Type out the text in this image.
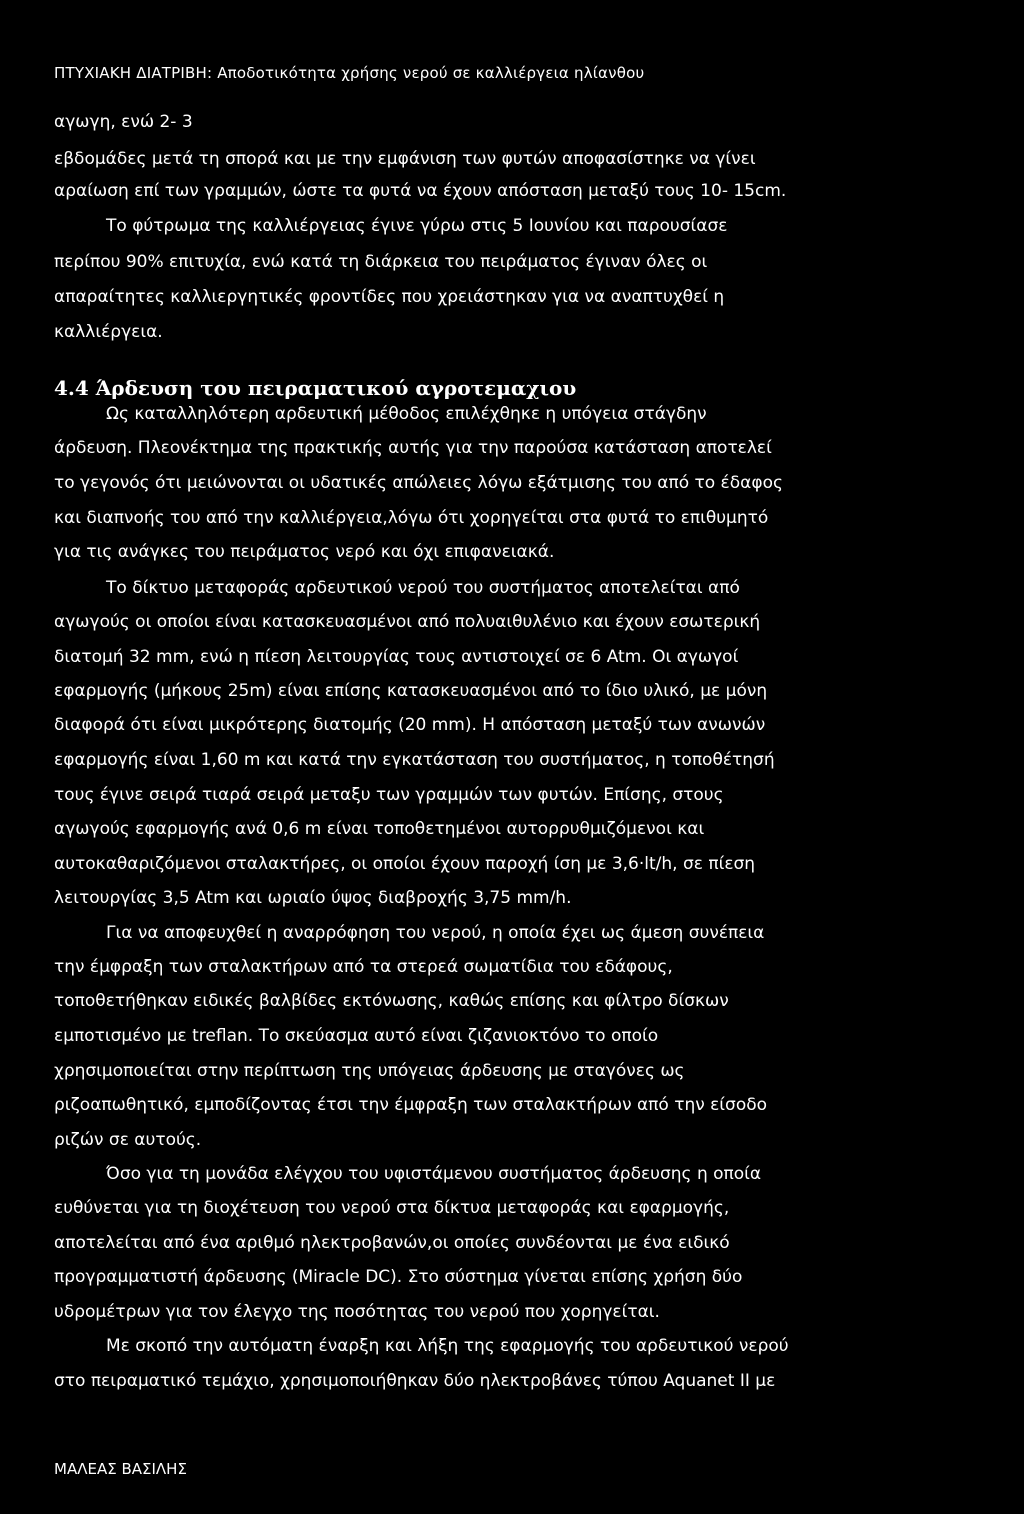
ΠΤΥΧΙΑΚΗ ΔΙΑΤΡΙΒΗ: Αποδοτικότητα χρήσης νερού σε καλλιέργεια ηλίανθου
αγωγη, ενώ 2- 3
εβδομάδες μετά τη σπορά και με την εμφάνιση των φυτών αποφασίστηκε να γίνει
αραίωση επί των γραμμών, ώστε τα φυτά να έχουν απόσταση μεταξύ τους 10- 15cm.
Το φύτρωμα της καλλιέργειας έγινε γύρω στις 5 Ιουνίου και παρουσίασε
περίπου 90% επιτυχία, ενώ κατά τη διάρκεια του πειράματος έγιναν όλες οι
απαραίτητες καλλιεργητικές φροντίδες που χρειάστηκαν για να αναπτυχθεί η
καλλιέργεια.
4.4 Άρδευση του πειραματικού αγροτεμαχιου
Ως καταλληλότερη αρδευτική μέθοδος επιλέχθηκε η υπόγεια στάγδην
άρδευση. Πλεονέκτημα της πρακτικής αυτής για την παρούσα κατάσταση αποτελεί
το γεγονός ότι μειώνονται οι υδατικές απώλειες λόγω εξάτμισης του από το έδαφος
και διαπνοής του από την καλλιέργεια,λόγω ότι χορηγείται στα φυτά το επιθυμητό
για τις ανάγκες του πειράματος νερό και όχι επιφανειακά.
Το δίκτυο μεταφοράς αρδευτικού νερού του συστήματος αποτελείται από
αγωγούς οι οποίοι είναι κατασκευασμένοι από πολυαιθυλένιο και έχουν εσωτερική
διατομή 32 mm, ενώ η πίεση λειτουργίας τους αντιστοιχεί σε 6 Atm. Οι αγωγοί
εφαρμογής (μήκους 25m) είναι επίσης κατασκευασμένοι από το ίδιο υλικό, με μόνη
διαφορά ότι είναι μικρότερης διατομής (20 mm). Η απόσταση μεταξύ των ανωνών
εφαρμογής είναι 1,60 m και κατά την εγκατάσταση του συστήματος, η τοποθέτησή
τους έγινε σειρά τιαρά σειρά μεταξυ των γραμμών των φυτών. Επίσης, στους
αγωγούς εφαρμογής ανά 0,6 m είναι τοποθετημένοι αυτορρυθμιζόμενοι και
αυτοκαθαριζόμενοι σταλακτήρες, οι οποίοι έχουν παροχή ίση με 3,6·lt/h, σε πίεση
λειτουργίας 3,5 Atm και ωριαίο ύψος διαβροχής 3,75 mm/h.
Για να αποφευχθεί η αναρρόφηση του νερού, η οποία έχει ως άμεση συνέπεια
την έμφραξη των σταλακτήρων από τα στερεά σωματίδια του εδάφους,
τοποθετήθηκαν ειδικές βαλβίδες εκτόνωσης, καθώς επίσης και φίλτρο δίσκων
εμποτισμένο με treflan. Το σκεύασμα αυτό είναι ζιζανιοκτόνο το οποίο
χρησιμοποιείται στην περίπτωση της υπόγειας άρδευσης με σταγόνες ως
ριζοαπωθητικό, εμποδίζοντας έτσι την έμφραξη των σταλακτήρων από την είσοδο
ριζών σε αυτούς.
Όσο για τη μονάδα ελέγχου του υφιστάμενου συστήματος άρδευσης η οποία
ευθύνεται για τη διοχέτευση του νερού στα δίκτυα μεταφοράς και εφαρμογής,
αποτελείται από ένα αριθμό ηλεκτροβανών,οι οποίες συνδέονται με ένα ειδικό
προγραμματιστή άρδευσης (Miracle DC). Στο σύστημα γίνεται επίσης χρήση δύο
υδρομέτρων για τον έλεγχο της ποσότητας του νερού που χορηγείται.
Με σκοπό την αυτόματη έναρξη και λήξη της εφαρμογής του αρδευτικού νερού
στο πειραματικό τεμάχιο, χρησιμοποιήθηκαν δύο ηλεκτροβάνες τύπου Aquanet II με
ΜΑΛΕΑΣ ΒΑΣΙΛΗΣ
